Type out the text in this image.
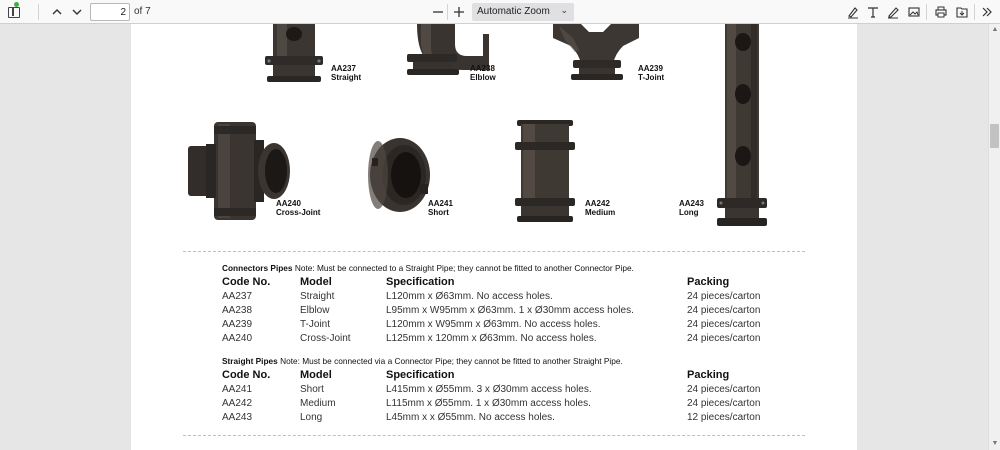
2
of 7	Automatic Zoom ⌄
AA237
Straight
AA238
Elblow
AA239
T-Joint
AA243
Long
AA240
Cross-Joint
AA241
Short
AA242
Medium
Connectors Pipes Note: Must be connected to a Straight Pipe; they cannot be fitted to another Connector Pipe.
Code No.	Model	Specification	Packing
AA237	Straight	L120mm x Ø63mm. No access holes.	24 pieces/carton
AA238	Elblow	L95mm x W95mm x Ø63mm. 1 x Ø30mm access holes.	24 pieces/carton
AA239	T-Joint	L120mm x W95mm x Ø63mm. No access holes.	24 pieces/carton
AA240	Cross-Joint	L125mm x 120mm x Ø63mm. No access holes.	24 pieces/carton
Straight Pipes Note: Must be connected via a Connector Pipe; they cannot be fitted to another Straight Pipe.
Code No.	Model	Specification	Packing
AA241	Short	L415mm x Ø55mm. 3 x Ø30mm access holes.	24 pieces/carton
AA242	Medium	L115mm x Ø55mm. 1 x Ø30mm access holes.	24 pieces/carton
AA243	Long	L45mm x x Ø55mm. No access holes.	12 pieces/carton
▲
▼
